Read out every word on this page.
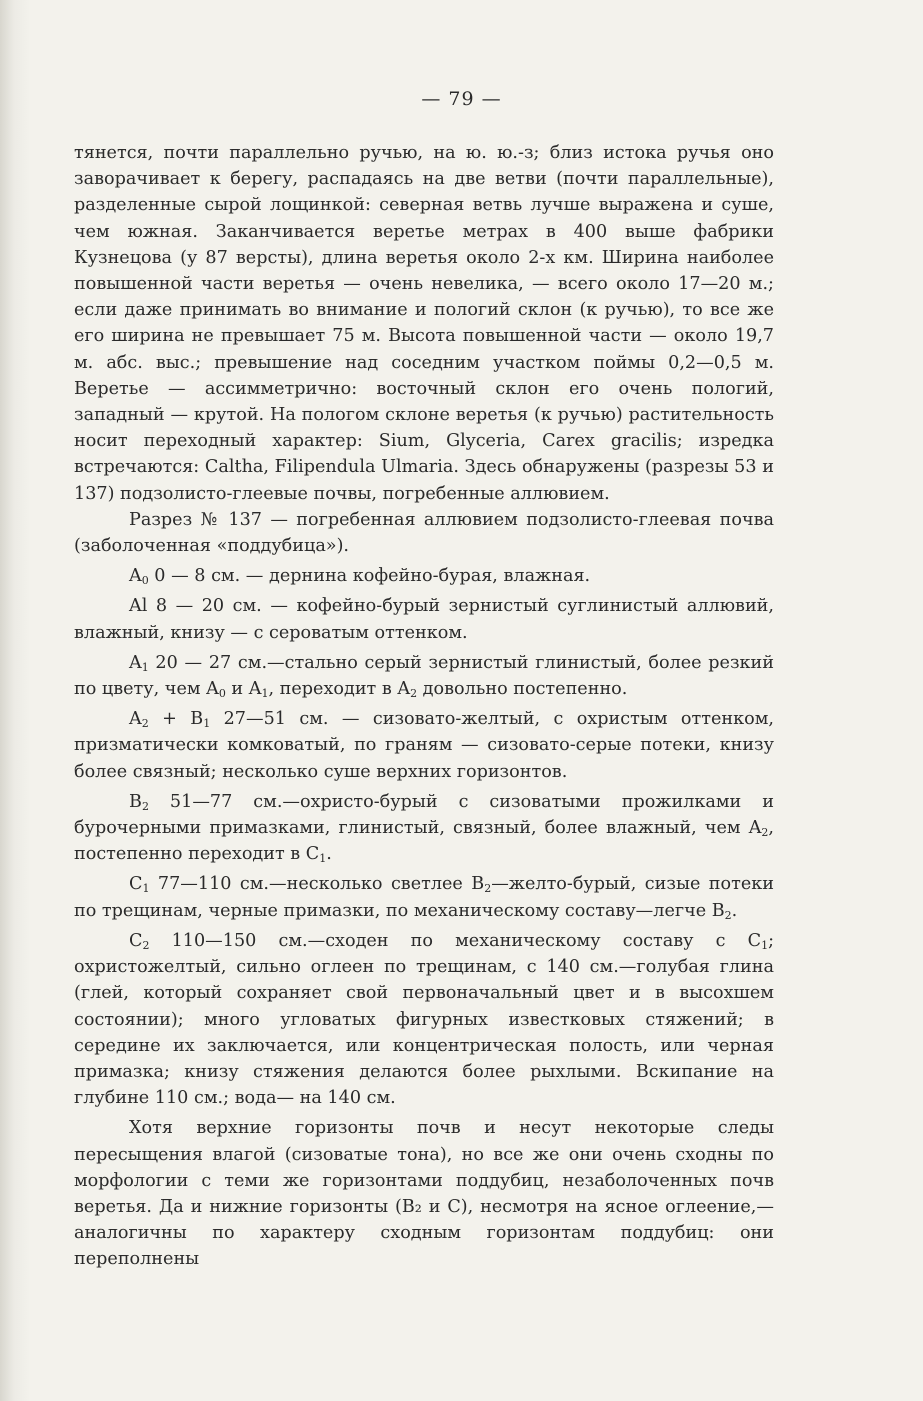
— 79 —

тянется, почти параллельно ручью, на ю. ю.-з; близ истока ручья оно заворачивает к берегу, распадаясь на две ветви (почти параллельные), разделенные сырой лощинкой: северная ветвь лучше выражена и суше, чем южная. Заканчивается веретье метрах в 400 выше фабрики Кузнецова (у 87 версты), длина веретья около 2-х км. Ширина наиболее повышенной части веретья — очень невелика, — всего около 17—20 м.; если даже принимать во внимание и пологий склон (к ручью), то все же его ширина не превышает 75 м. Высота повышенной части — около 19,7 м. абс. выс.; превышение над соседним участком поймы 0,2—0,5 м. Веретье — ассимметрично: восточный склон его очень пологий, западный — крутой. На пологом склоне веретья (к ручью) растительность носит переходный характер: Sium, Glyceria, Carex gracilis; изредка встречаются: Caltha, Filipendula Ulmaria. Здесь обнаружены (разрезы 53 и 137) подзолисто-глеевые почвы, погребенные аллювием.

Разрез № 137 — погребенная аллювием подзолисто-глеевая почва (заболоченная «поддубица»).

$A_0$ 0 — 8 см. — дернина кофейно-бурая, влажная.

Al 8 — 20 см. — кофейно-бурый зернистый суглинистый аллювий, влажный, книзу — с сероватым оттенком.

$A_1$ 20 — 27 см.—стально серый зернистый глинистый, более резкий по цвету, чем $A_0$ и $A_1$, переходит в $A_2$ довольно постепенно.

$A_2 + B_1$ 27—51 см. — сизовато-желтый, с охристым оттенком, призматически комковатый, по граням — сизовато-серые потеки, книзу более связный; несколько суше верхних горизонтов.

$B_2$ 51—77 см.—охристо-бурый с сизоватыми прожилками и бурочерными примазками, глинистый, связный, более влажный, чем $A_2$, постепенно переходит в $C_1$.

$C_1$ 77—110 см.—несколько светлее $B_2—желто$-бурый, сизые потеки по трещинам, черные примазки, по механическому составу—легче $B_2$.

$C_2$ 110—150 см.—сходен по механическому составу с $C_1$; охристожелтый, сильно оглеен по трещинам, с 140 см.—голубая глина (глей, который сохраняет свой первоначальный цвет и в высохшем состоянии); много угловатых фигурных известковых стяжений; в середине их заключается, или концентрическая полость, или черная примазка; книзу стяжения делаются более рыхлыми. Вскипание на глубине 110 см.; вода— на 140 см.

Хотя верхние горизонты почв и несут некоторые следы пересыщения влагой (сизоватые тона), но все же они очень сходны по морфологии с теми же горизонтами поддубиц, незаболоченных почв веретья. Да и нижние горизонты (B₂ и C), несмотря на ясное оглеение,—аналогичны по характеру сходным горизонтам поддубиц: они переполнены
